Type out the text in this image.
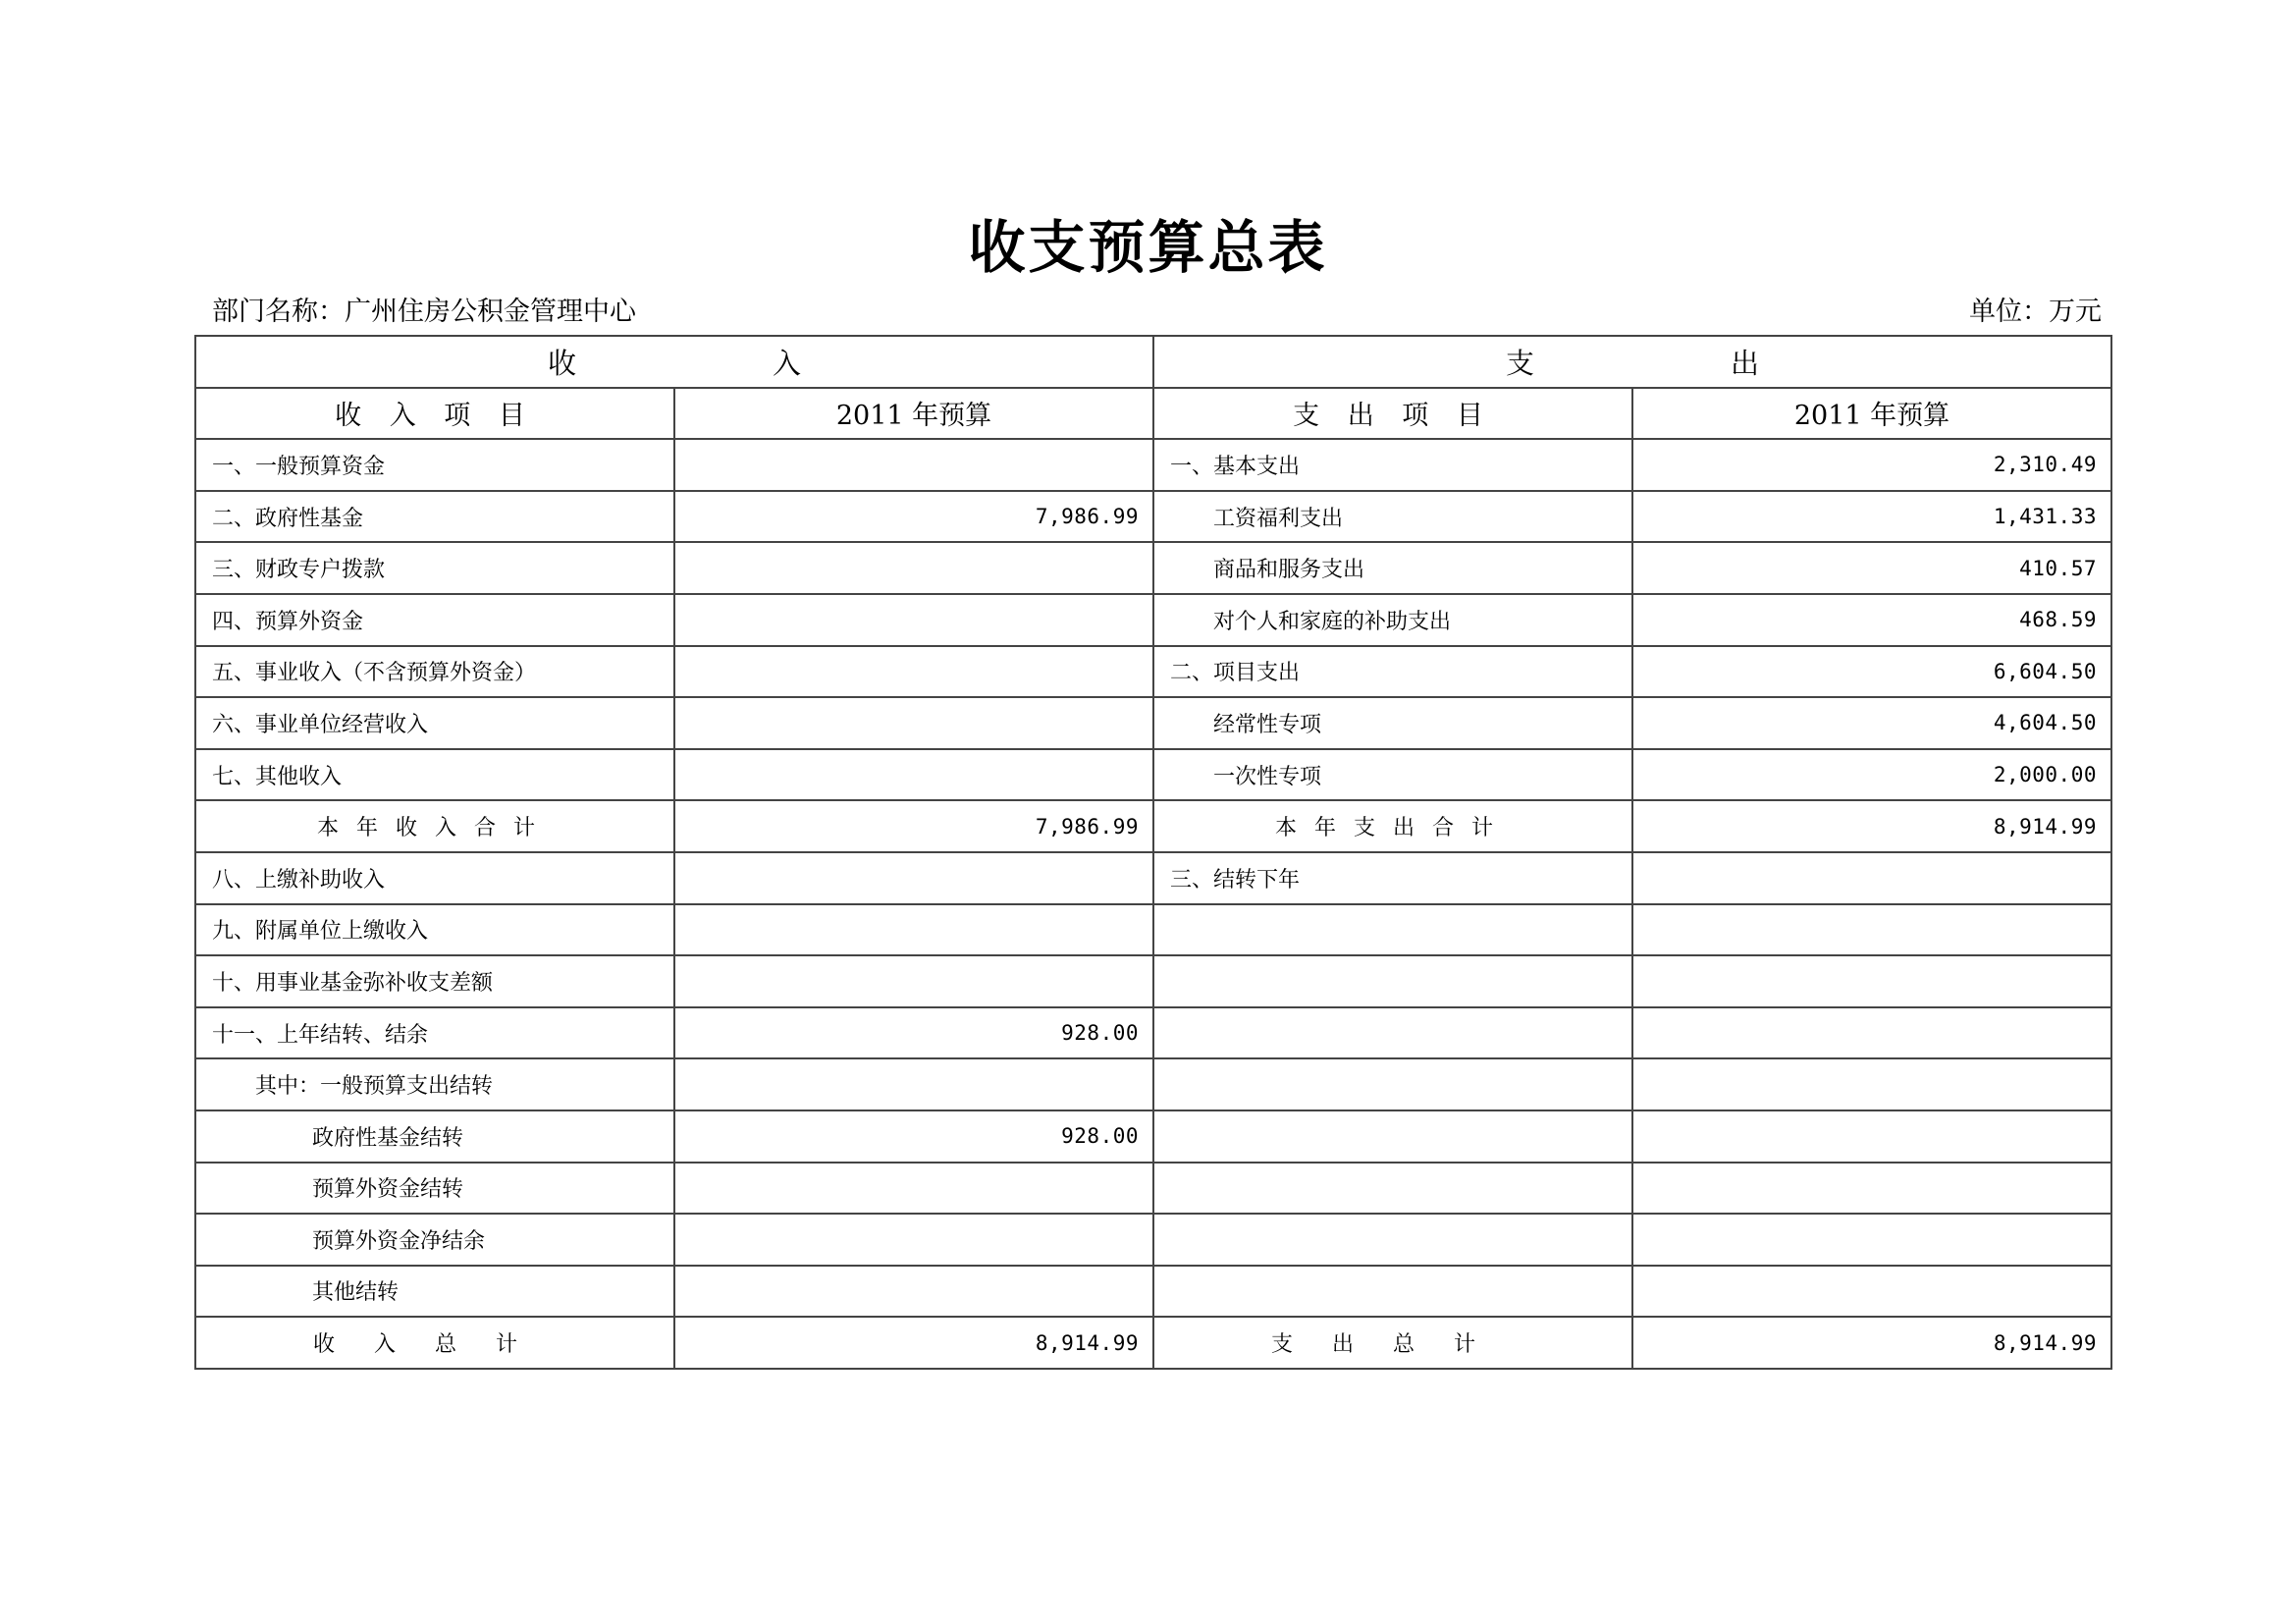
收支预算总表
部门名称：广州住房公积金管理中心	单位：万元
收 入		支 出	
收 入 项 目	2011 年预算	支 出 项 目	2011 年预算
一、一般预算资金		一、基本支出	2,310.49
二、政府性基金	7,986.99	工资福利支出	1,431.33
三、财政专户拨款		商品和服务支出	410.57
四、预算外资金		对个人和家庭的补助支出	468.59
五、事业收入（不含预算外资金）		二、项目支出	6,604.50
六、事业单位经营收入		经常性专项	4,604.50
七、其他收入		一次性专项	2,000.00
本年收入合计	7,986.99	本年支出合计	8,914.99
八、上缴补助收入		三、结转下年	
九、附属单位上缴收入			
十、用事业基金弥补收支差额			
十一、上年结转、结余	928.00		
其中：一般预算支出结转			
政府性基金结转	928.00		
预算外资金结转			
预算外资金净结余			
其他结转			
收入总计	8,914.99	支出总计	8,914.99
